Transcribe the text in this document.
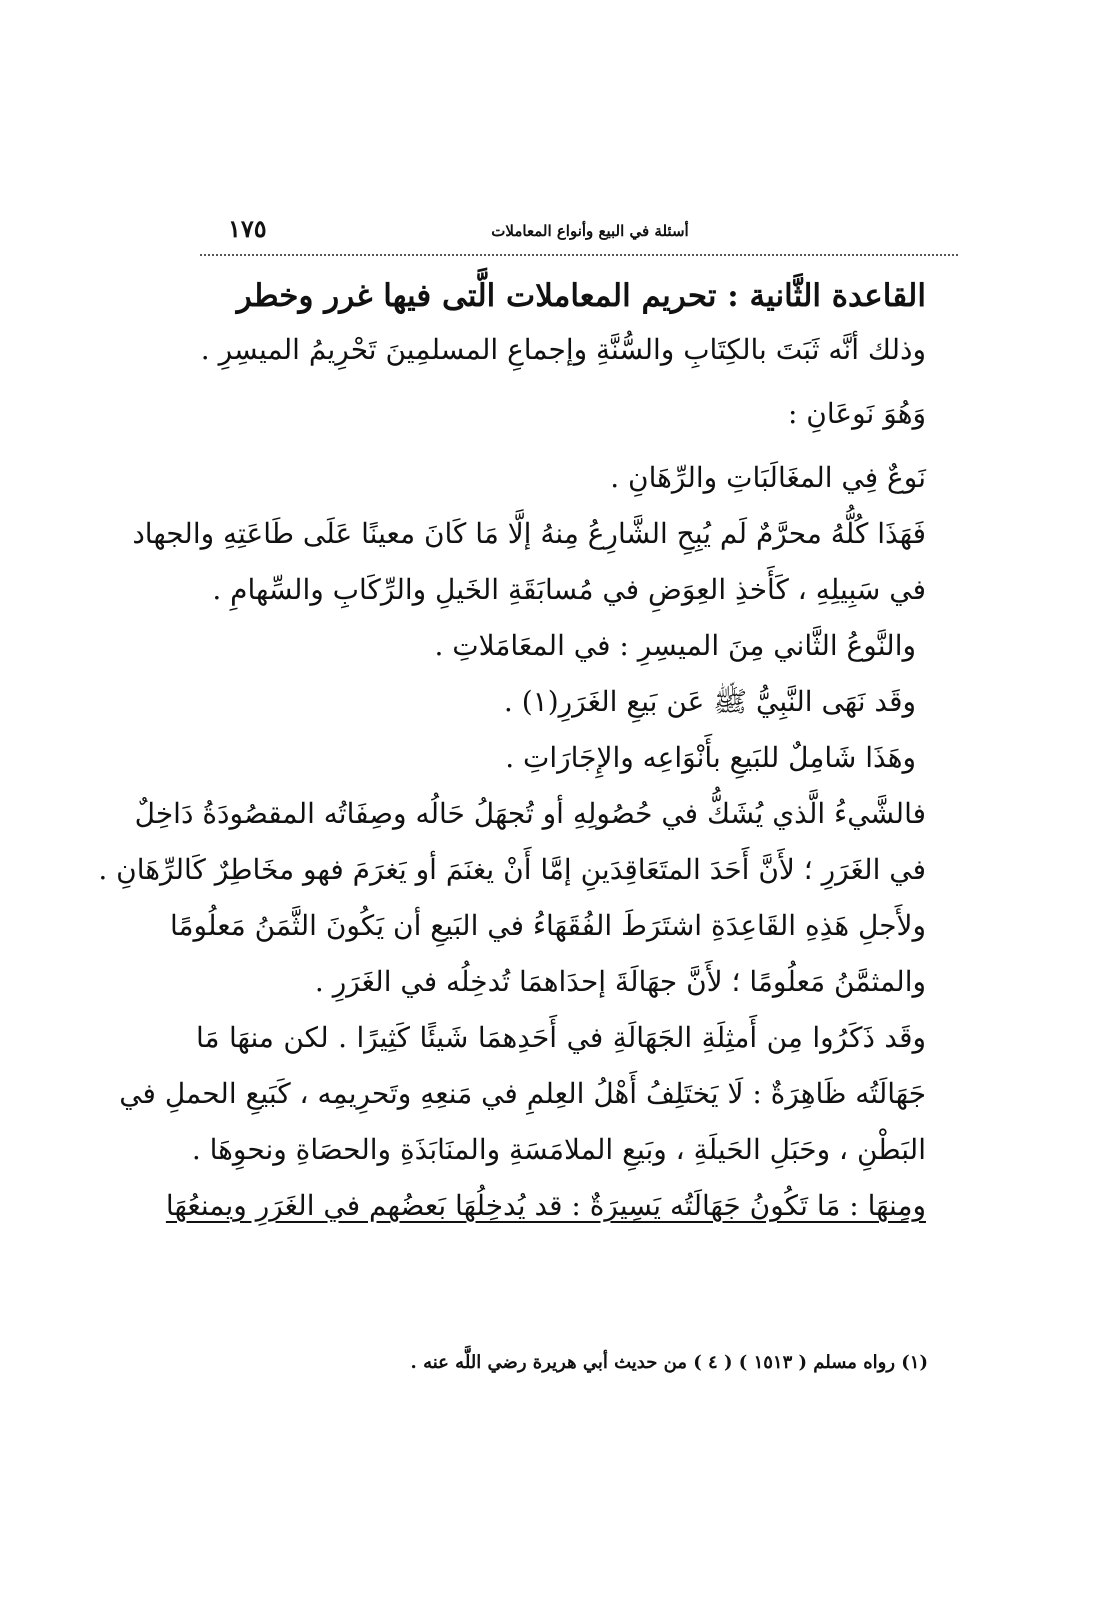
١٧٥	أسئلة في البيع وأنواع المعاملات
القاعدة الثَّانية : تحريم المعاملات الَّتى فيها غرر وخطر
وذلك أنَّه ثَبَتَ بالكِتَابِ والسُّنَّةِ وإجماعِ المسلمِينَ تَحْرِيمُ الميسِرِ .
وَهُوَ نَوعَانِ :
نَوعٌ فِي المغَالَبَاتِ والرِّهَانِ .
فَهَذَا كُلُّهُ محرَّمٌ لَم يُبِحِ الشَّارِعُ مِنهُ إلَّا مَا كَانَ معينًا عَلَى طَاعَتِهِ والجهاد
في سَبِيلِهِ ، كَأَخذِ العِوَضِ في مُسابَقَةِ الخَيلِ والرِّكَابِ والسِّهامِ .
والنَّوعُ الثَّاني مِنَ الميسِرِ : في المعَامَلاتِ .
وقَد نَهَى النَّبِيُّ ﷺ عَن بَيعِ الغَرَرِ(١) .
وهَذَا شَامِلٌ للبَيعِ بأَنْوَاعِه والإِجَارَاتِ .
فالشَّيءُ الَّذي يُشَكُّ في حُصُولِهِ أو تُجهَلُ حَالُه وصِفَاتُه المقصُودَةُ دَاخِلٌ
في الغَرَرِ ؛ لأَنَّ أَحَدَ المتَعَاقِدَينِ إمَّا أَنْ يغنَمَ أو يَغرَمَ فهو مخَاطِرٌ كَالرِّهَانِ .
ولأَجلِ هَذِهِ القَاعِدَةِ اشتَرَطَ الفُقَهَاءُ في البَيعِ أن يَكُونَ الثَّمَنُ مَعلُومًا
والمثمَّنُ مَعلُومًا ؛ لأَنَّ جهَالَةَ إحدَاهمَا تُدخِلُه في الغَرَرِ .
وقَد ذَكَرُوا مِن أَمثِلَةِ الجَهَالَةِ في أَحَدِهمَا شَيئًا كَثِيرًا . لكن منهَا مَا
جَهَالَتُه ظَاهِرَةٌ : لَا يَختَلِفُ أَهْلُ العِلمِ في مَنعِهِ وتَحرِيمِه ، كَبَيعِ الحملِ في
البَطْنِ ، وحَبَلِ الحَيلَةِ ، وبَيعِ الملامَسَةِ والمنَابَذَةِ والحصَاةِ ونحوِهَا .
ومِنهَا : مَا تَكُونُ جَهَالَتُه يَسِيرَةٌ : قد يُدخِلُهَا بَعضُهم في الغَرَرِ ويمنعُهَا
(١) رواه مسلم ( ١٥١٣ ) ( ٤ ) من حديث أبي هريرة رضي اللَّه عنه .
